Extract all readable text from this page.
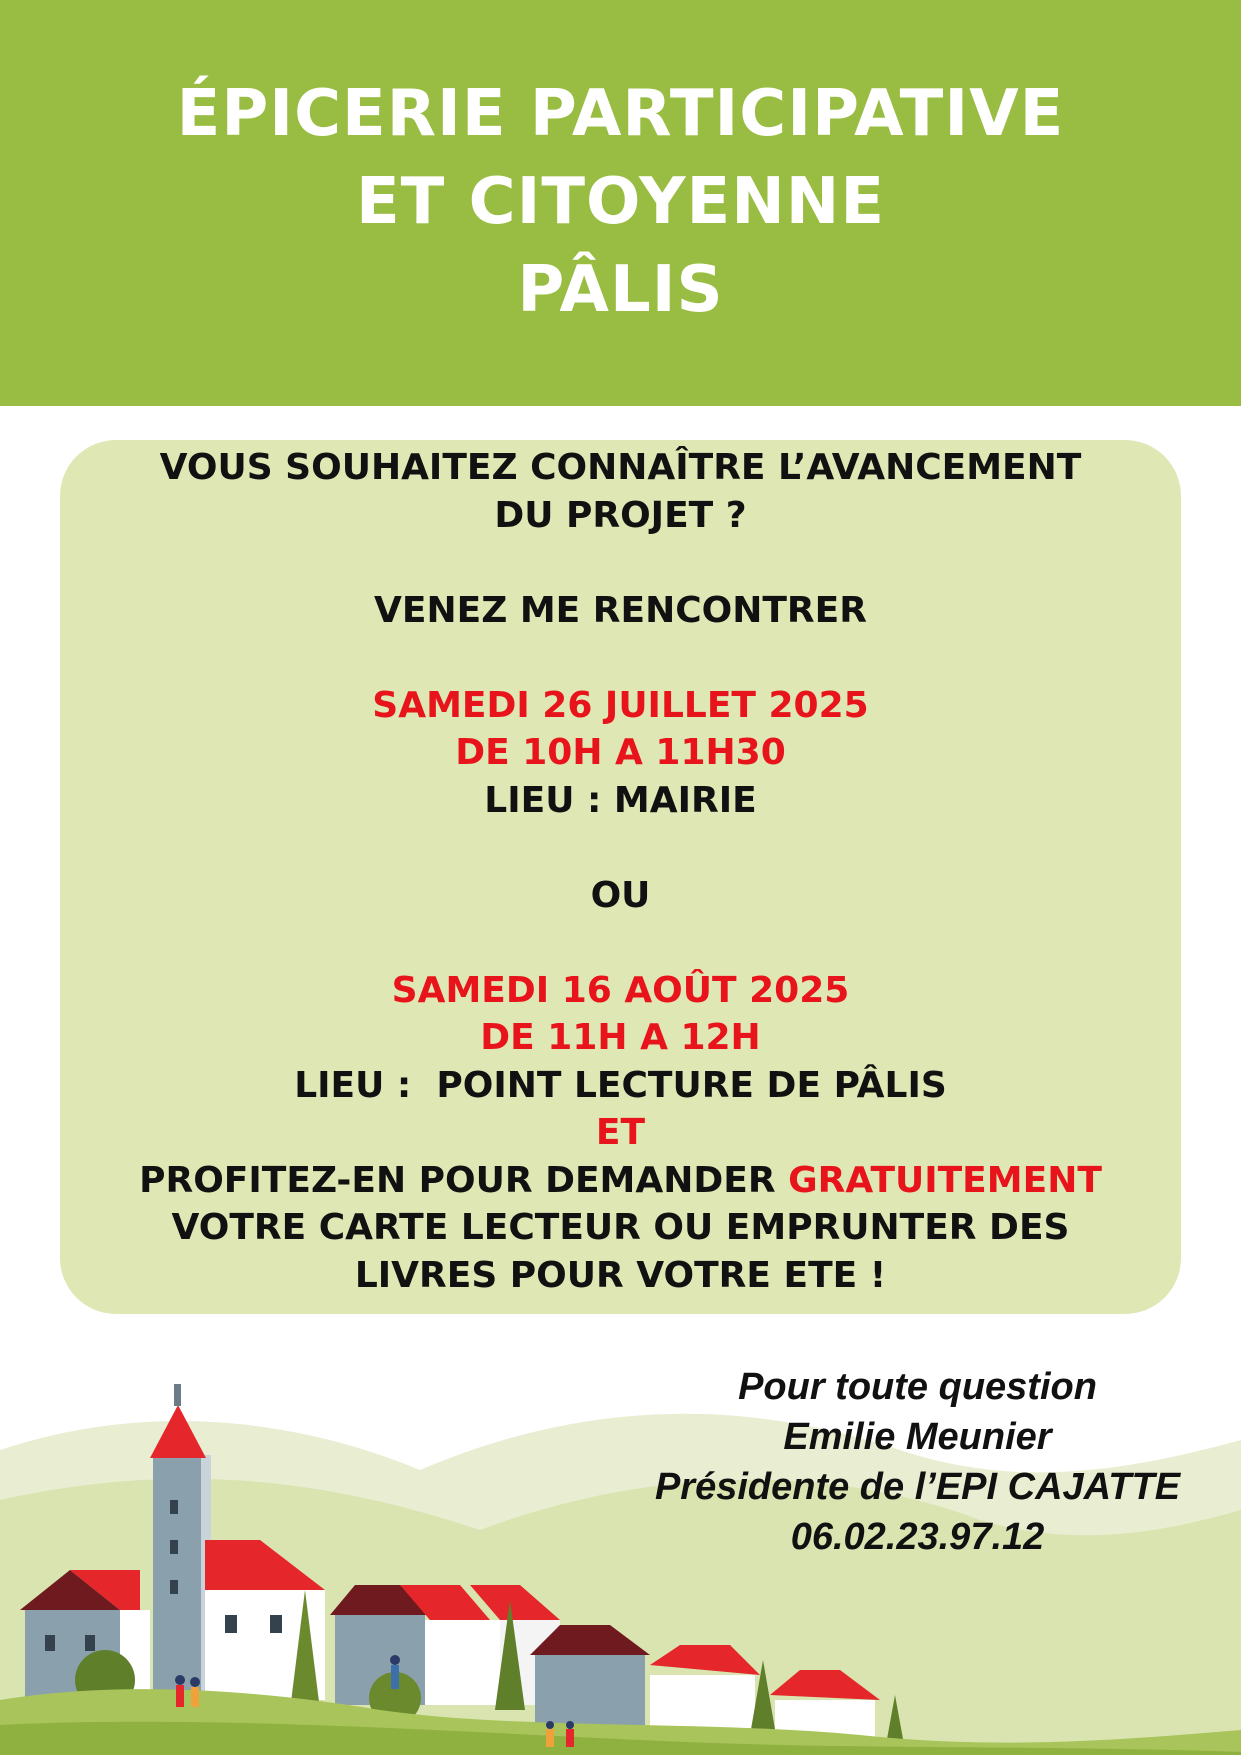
ÉPICERIE PARTICIPATIVE
ET CITOYENNE
PÂLIS
VOUS SOUHAITEZ CONNAÎTRE L’AVANCEMENT
DU PROJET ?
VENEZ ME RENCONTRER
SAMEDI 26 JUILLET 2025
DE 10H A 11H30
LIEU : MAIRIE
OU
SAMEDI 16 AOÛT 2025
DE 11H A 12H
LIEU :  POINT LECTURE DE PÂLIS
ET
PROFITEZ-EN POUR DEMANDER GRATUITEMENT
VOTRE CARTE LECTEUR OU EMPRUNTER DES
LIVRES POUR VOTRE ETE !
Pour toute question
Emilie Meunier
Présidente de l’EPI CAJATTE
06.02.23.97.12
